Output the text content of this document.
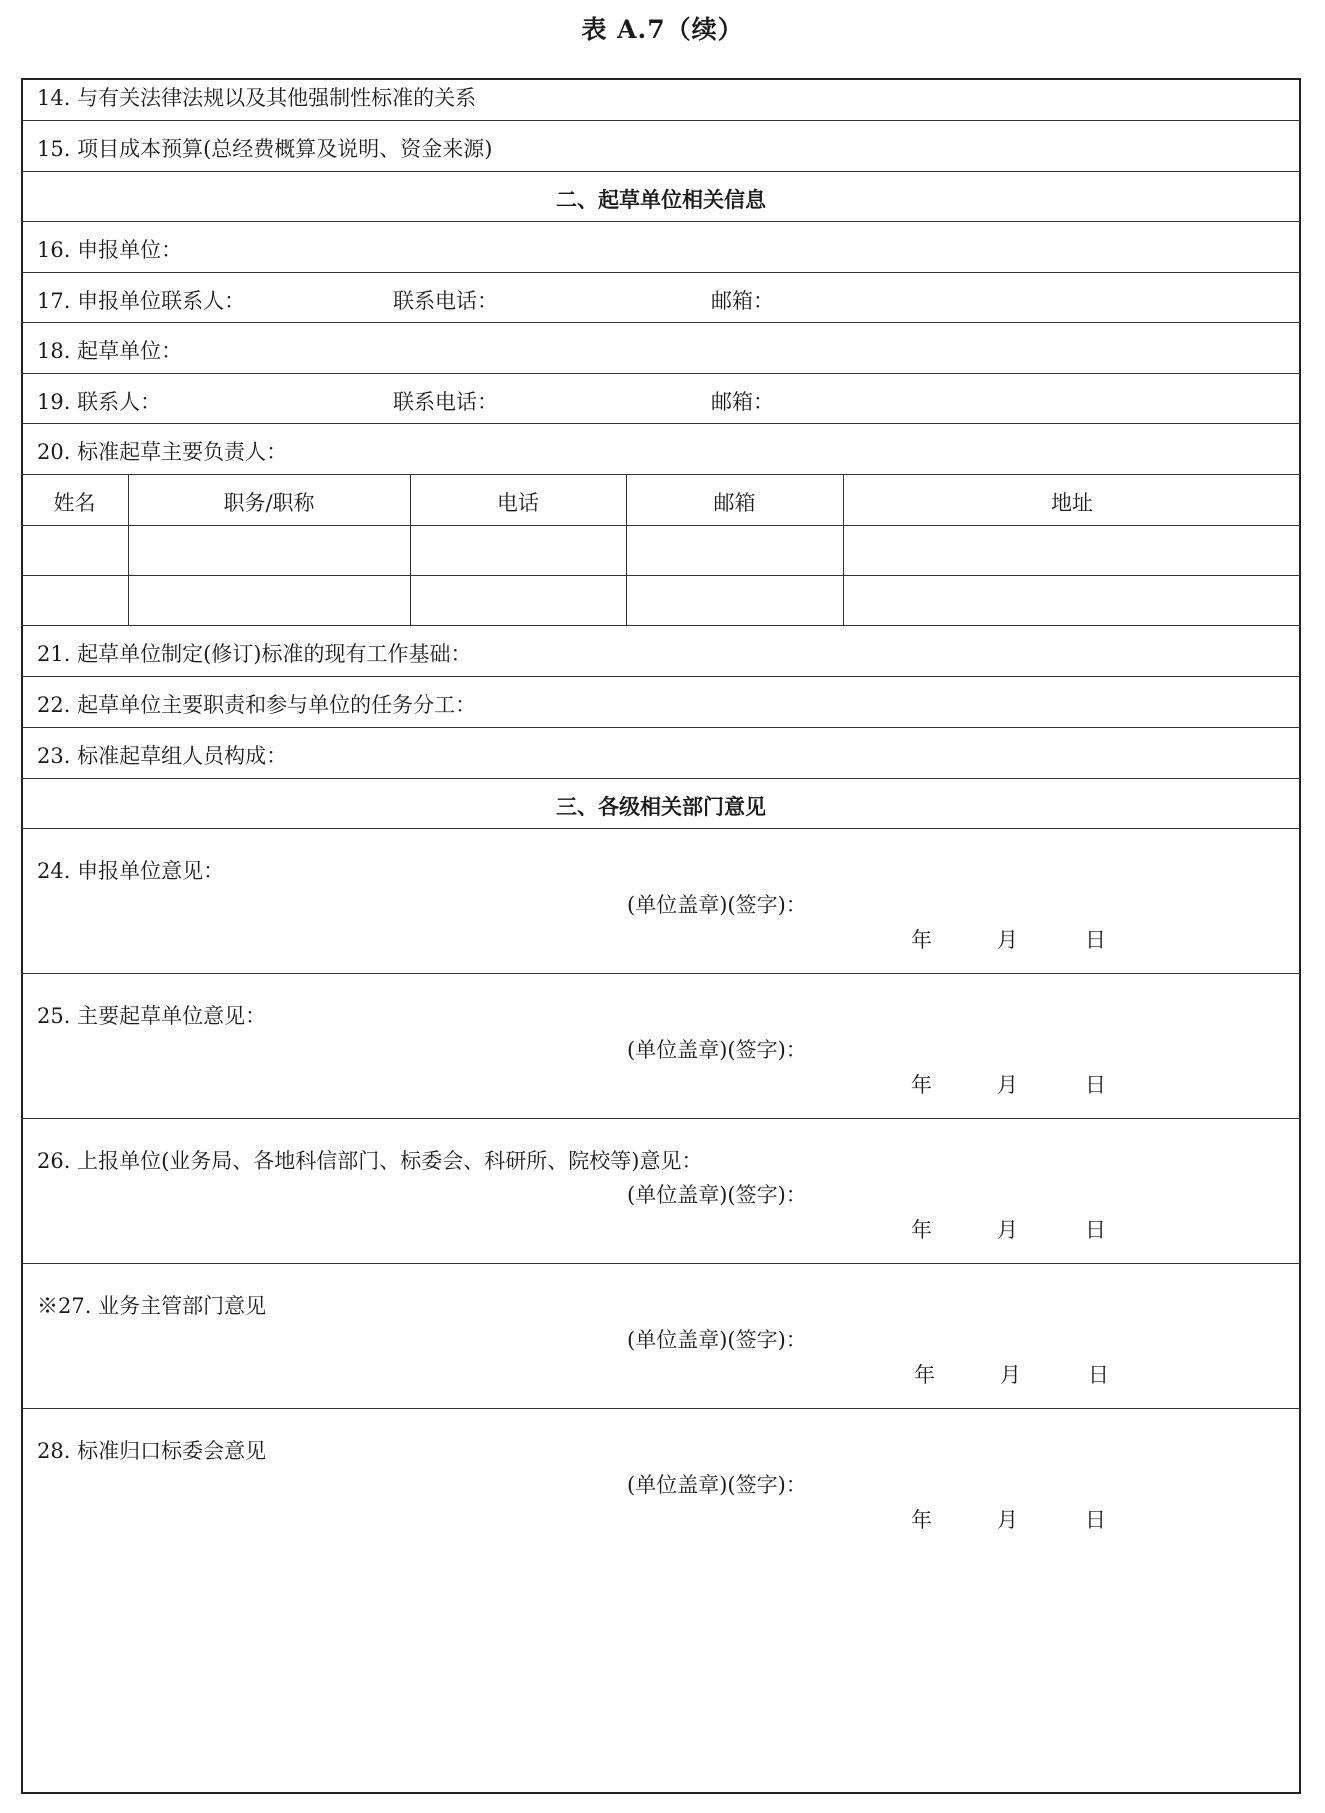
表 A.7（续）
14. 与有关法律法规以及其他强制性标准的关系
15. 项目成本预算(总经费概算及说明、资金来源)
二、起草单位相关信息
16. 申报单位：
17. 申报单位联系人：	联系电话：	邮箱：
18. 起草单位：
19. 联系人：	联系电话：	邮箱：
20. 标准起草主要负责人：
姓名	职务/职称	电话	邮箱	地址
21. 起草单位制定(修订)标准的现有工作基础：
22. 起草单位主要职责和参与单位的任务分工：
23. 标准起草组人员构成：
三、各级相关部门意见
24. 申报单位意见：
(单位盖章)(签字)：
年	月	日
25. 主要起草单位意见：
(单位盖章)(签字)：
年	月	日
26. 上报单位(业务局、各地科信部门、标委会、科研所、院校等)意见：
(单位盖章)(签字)：
年	月	日
※27. 业务主管部门意见
(单位盖章)(签字)：
年	月	日
28. 标准归口标委会意见
(单位盖章)(签字)：
年	月	日
